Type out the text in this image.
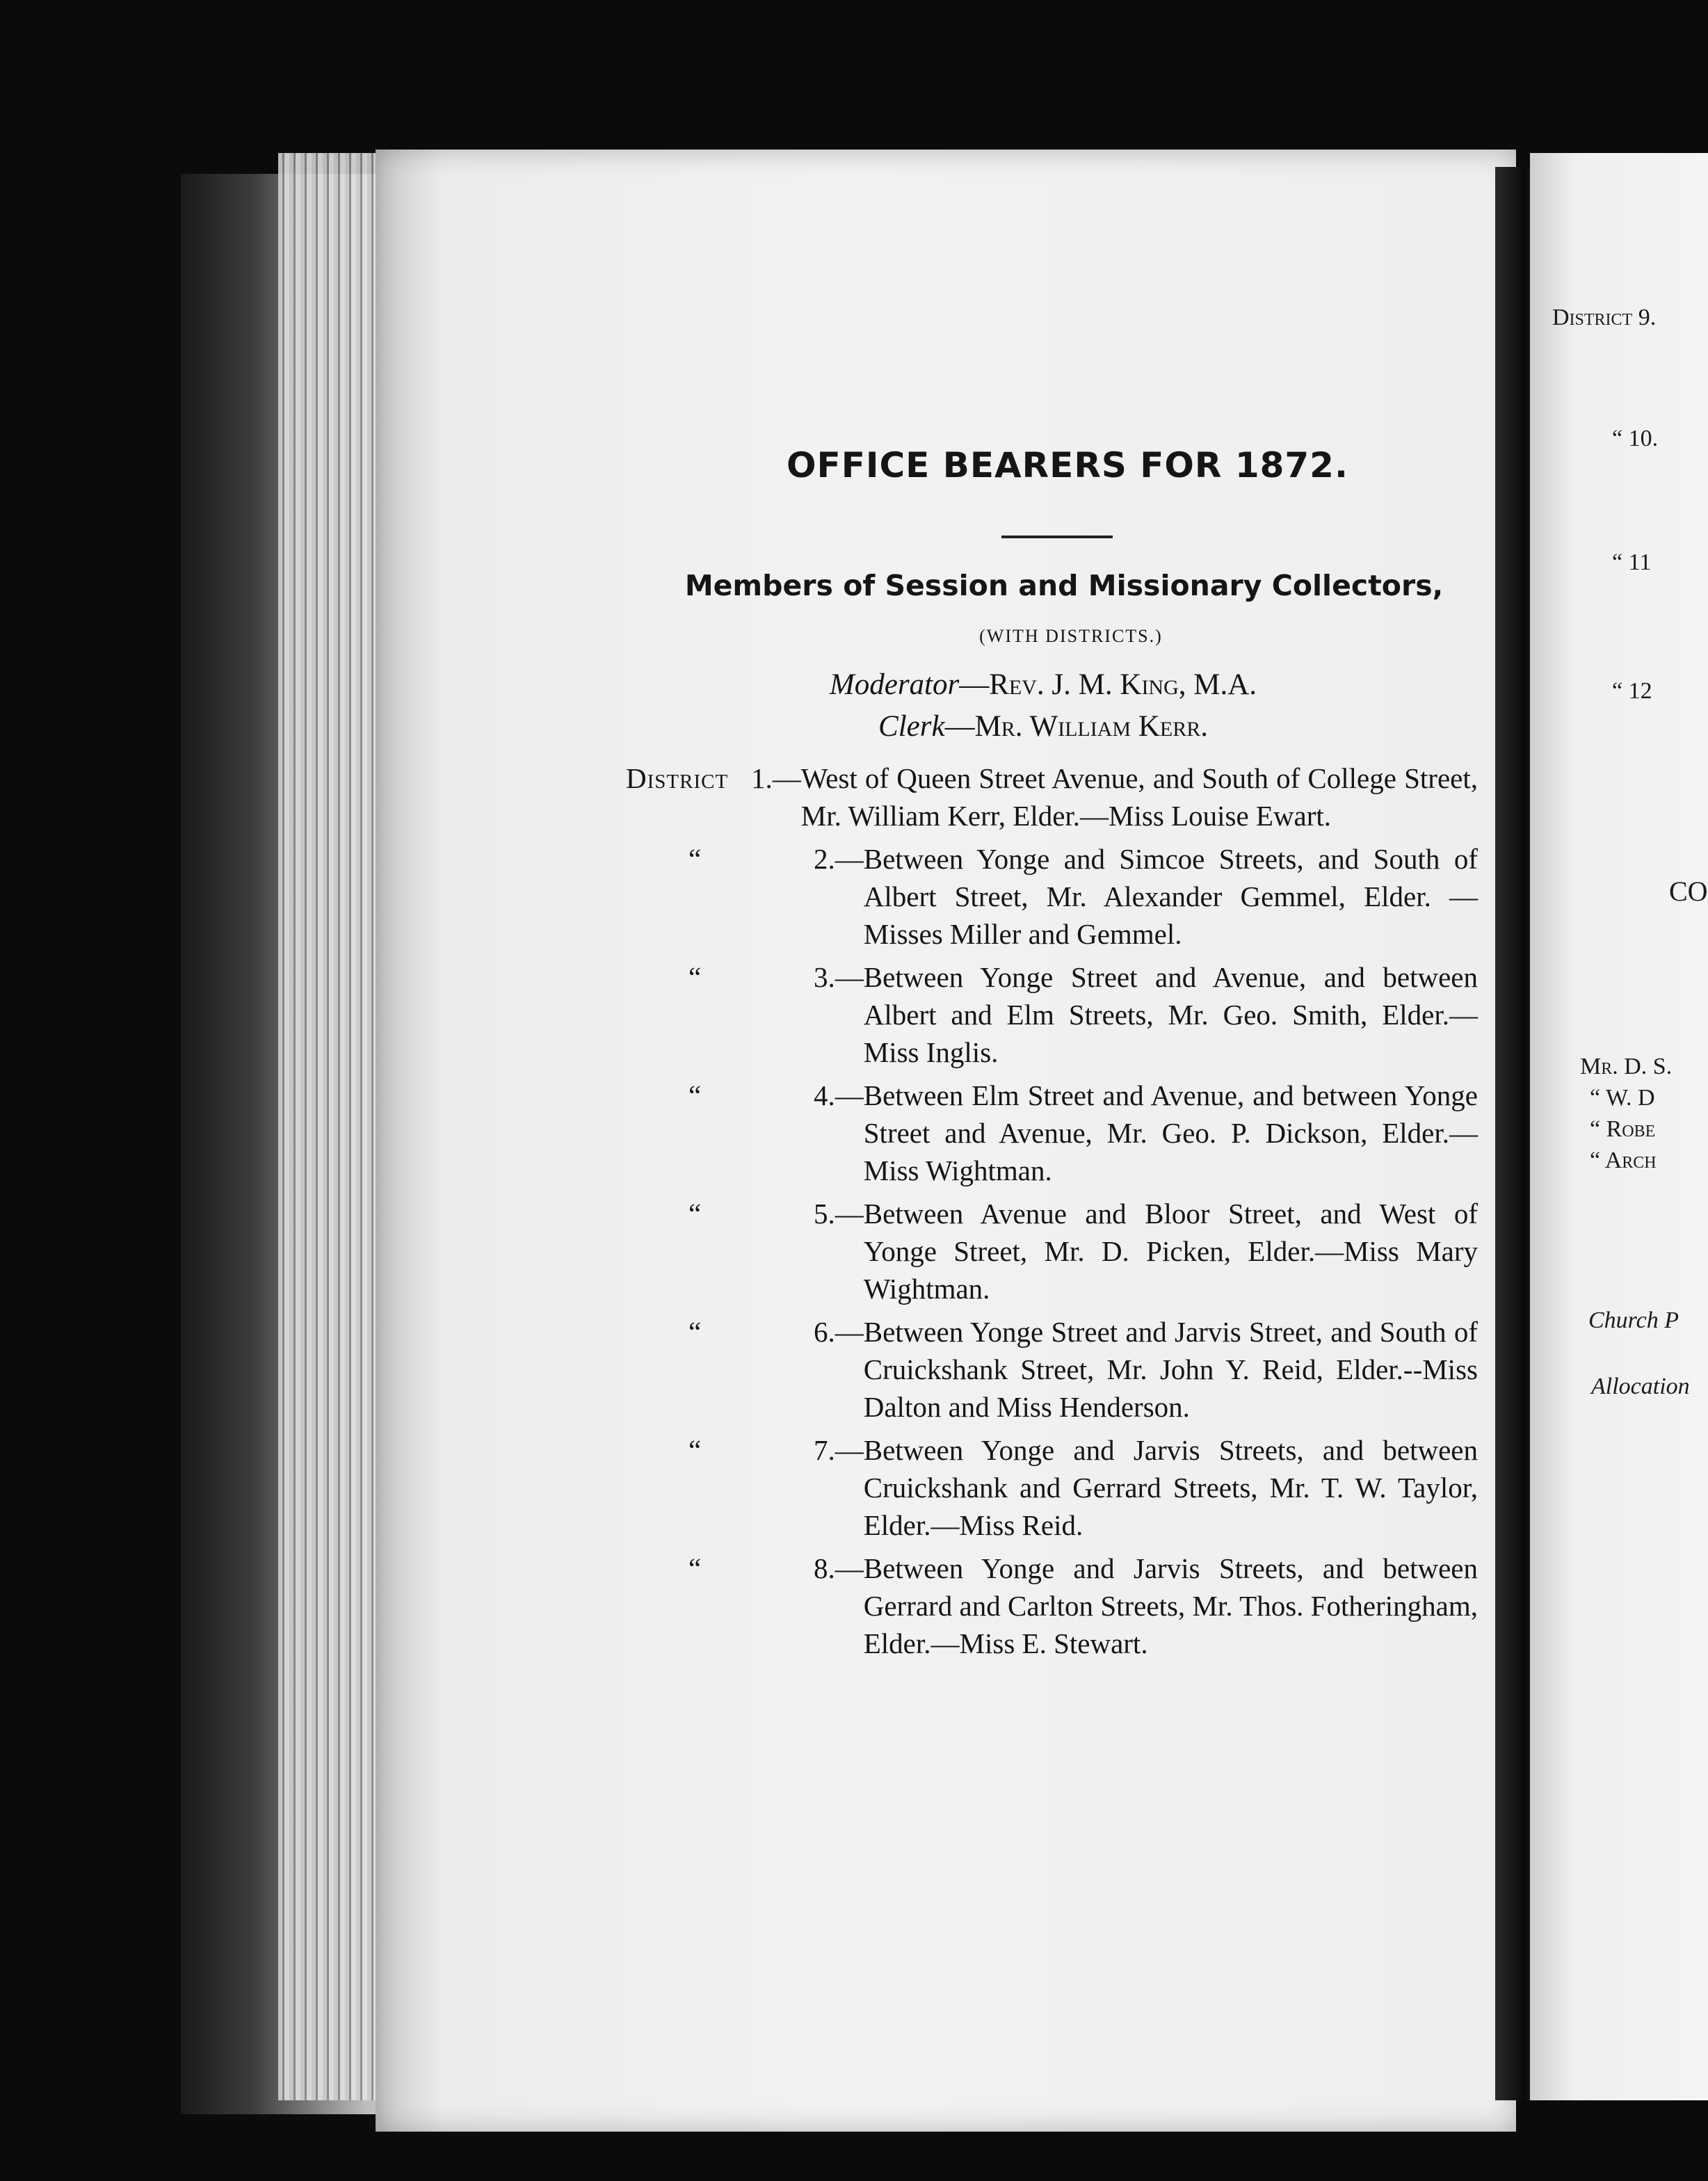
OFFICE BEARERS FOR 1872.
Members of Session and Missionary Collectors,
(WITH DISTRICTS.)
Moderator—Rev. J. M. King, M.A.
Clerk—Mr. William Kerr.
District 1.— West of Queen Street Avenue, and South of College Street, Mr. William Kerr, Elder.—Miss Louise Ewart.
“	2.— Between Yonge and Simcoe Streets, and South of Albert Street, Mr. Alexander Gemmel, Elder. —Misses Miller and Gemmel.
“	3.— Between Yonge Street and Avenue, and between Albert and Elm Streets, Mr. Geo. Smith, Elder.—Miss Inglis.
“	4.— Between Elm Street and Avenue, and between Yonge Street and Avenue, Mr. Geo. P. Dickson, Elder.—Miss Wightman.
“	5.— Between Avenue and Bloor Street, and West of Yonge Street, Mr. D. Picken, Elder.—Miss Mary Wightman.
“	6.— Between Yonge Street and Jarvis Street, and South of Cruickshank Street, Mr. John Y. Reid, Elder.--Miss Dalton and Miss Henderson.
“	7.— Between Yonge and Jarvis Streets, and between Cruickshank and Gerrard Streets, Mr. T. W. Taylor, Elder.—Miss Reid.
“	8.— Between Yonge and Jarvis Streets, and between Gerrard and Carlton Streets, Mr. Thos. Fotheringham, Elder.—Miss E. Stewart.
District 9.
“ 10.
“ 11
“ 12
CO
Mr. D. S.
“ W. D
“ Robe
“ Arch
Church P
Allocation
